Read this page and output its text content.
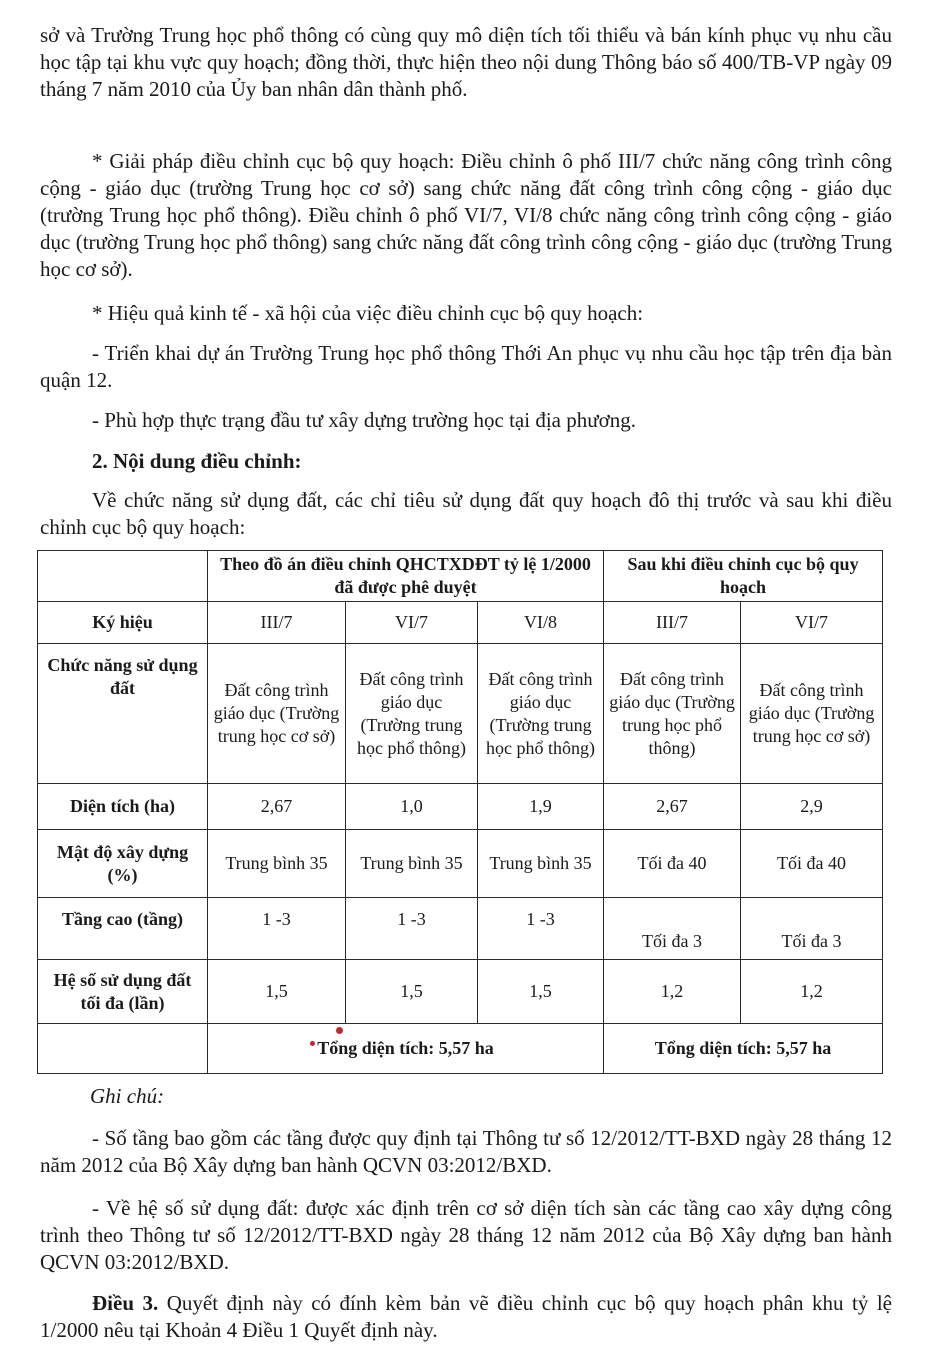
sở và Trường Trung học phổ thông có cùng quy mô diện tích tối thiểu và bán kính phục vụ nhu cầu học tập tại khu vực quy hoạch; đồng thời, thực hiện theo nội dung Thông báo số 400/TB-VP ngày 09 tháng 7 năm 2010 của Ủy ban nhân dân thành phố.

* Giải pháp điều chỉnh cục bộ quy hoạch: Điều chỉnh ô phố III/7 chức năng công trình công cộng - giáo dục (trường Trung học cơ sở) sang chức năng đất công trình công cộng - giáo dục (trường Trung học phổ thông). Điều chỉnh ô phố VI/7, VI/8 chức năng công trình công cộng - giáo dục (trường Trung học phổ thông) sang chức năng đất công trình công cộng - giáo dục (trường Trung học cơ sở).

* Hiệu quả kinh tế - xã hội của việc điều chỉnh cục bộ quy hoạch:

- Triển khai dự án Trường Trung học phổ thông Thới An phục vụ nhu cầu học tập trên địa bàn quận 12.

- Phù hợp thực trạng đầu tư xây dựng trường học tại địa phương.

2. Nội dung điều chỉnh:

Về chức năng sử dụng đất, các chỉ tiêu sử dụng đất quy hoạch đô thị trước và sau khi điều chỉnh cục bộ quy hoạch:

	Theo đồ án điều chỉnh QHCTXDĐT tỷ lệ 1/2000 đã được phê duyệt			Sau khi điều chỉnh cục bộ quy hoạch	
Ký hiệu	III/7	VI/7	VI/8	III/7	VI/7
Chức năng sử dụng đất	Đất công trình giáo dục (Trường trung học cơ sở)	Đất công trình giáo dục (Trường trung học phổ thông)	Đất công trình giáo dục (Trường trung học phổ thông)	Đất công trình giáo dục (Trường trung học phổ thông)	Đất công trình giáo dục (Trường trung học cơ sở)
Diện tích (ha)	2,67	1,0	1,9	2,67	2,9
Mật độ xây dựng (%)	Trung bình 35	Trung bình 35	Trung bình 35	Tối đa 40	Tối đa 40
Tầng cao (tầng)	1 -3	1 -3	1 -3	Tối đa 3	Tối đa 3
Hệ số sử dụng đất tối đa (lần)	1,5	1,5	1,5	1,2	1,2
	Tổng diện tích: 5,57 ha			Tổng diện tích: 5,57 ha	

Ghi chú:

- Số tầng bao gồm các tầng được quy định tại Thông tư số 12/2012/TT-BXD ngày 28 tháng 12 năm 2012 của Bộ Xây dựng ban hành QCVN 03:2012/BXD.

- Về hệ số sử dụng đất: được xác định trên cơ sở diện tích sàn các tầng cao xây dựng công trình theo Thông tư số 12/2012/TT-BXD ngày 28 tháng 12 năm 2012 của Bộ Xây dựng ban hành QCVN 03:2012/BXD.

Điều 3. Quyết định này có đính kèm bản vẽ điều chỉnh cục bộ quy hoạch phân khu tỷ lệ 1/2000 nêu tại Khoản 4 Điều 1 Quyết định này.
